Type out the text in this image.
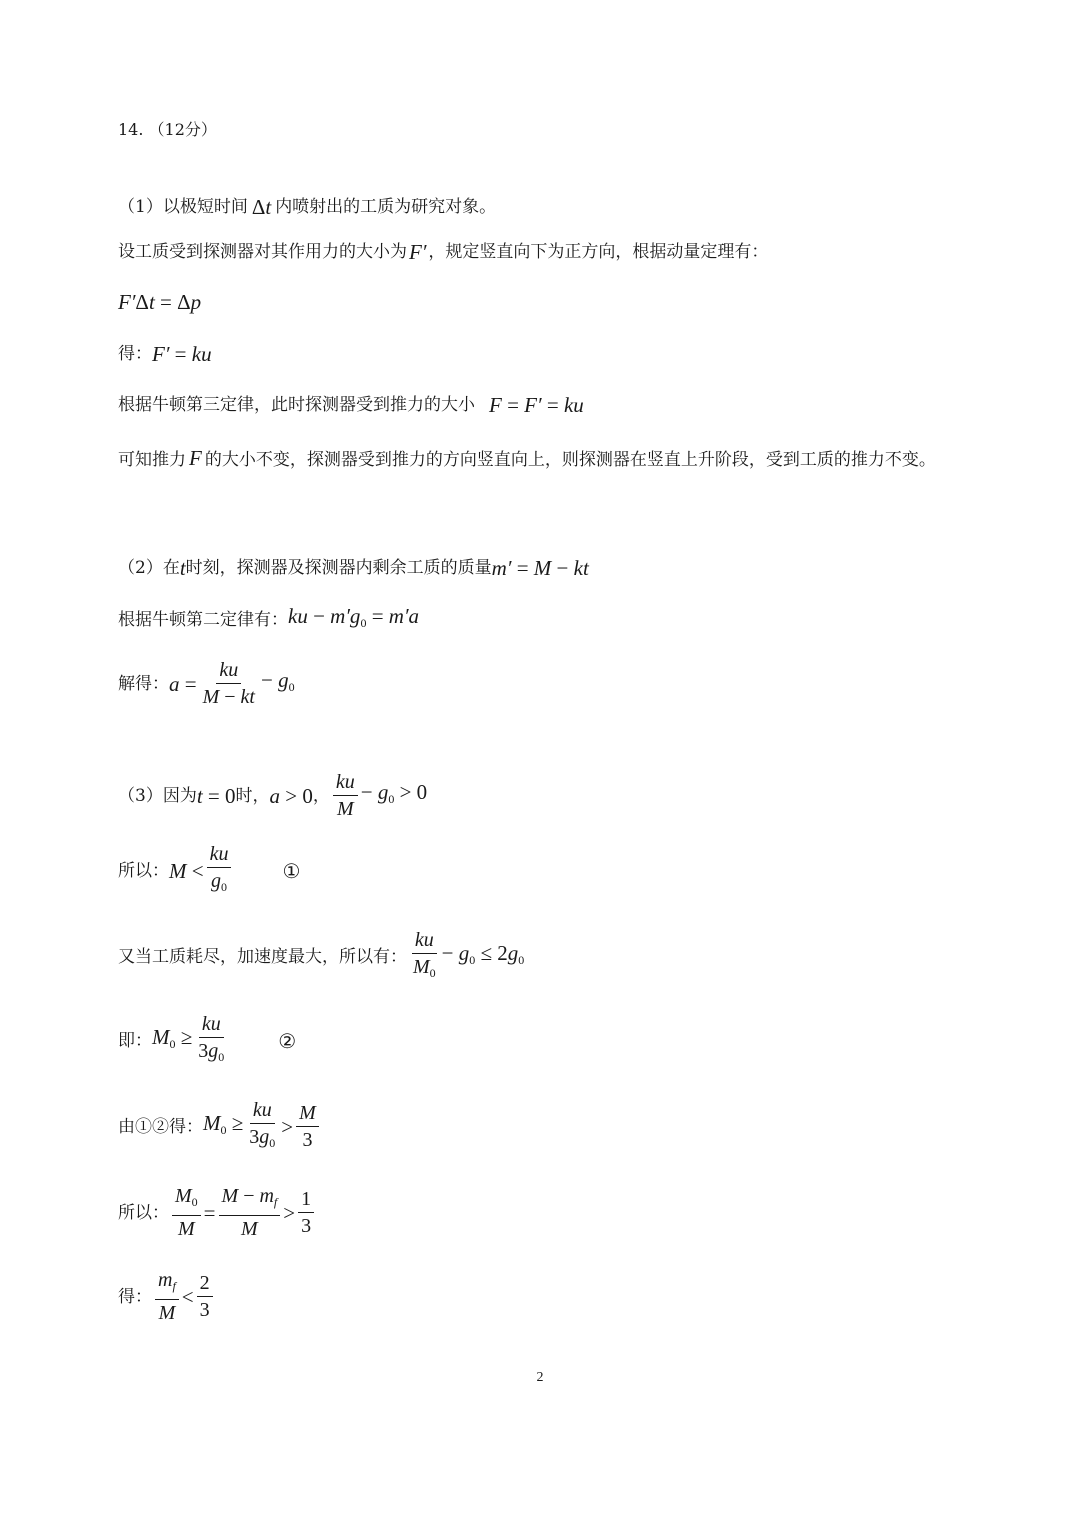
14. （12分）
（1）以极短时间 Δt 内喷射出的工质为研究对象。
设工质受到探测器对其作用力的大小为 F′ ，规定竖直向下为正方向，根据动量定理有：
F′Δt = Δp
得： F′ = ku
根据牛顿第三定律，此时探测器受到推力的大小 F = F′ = ku
可知推力 F 的大小不变，探测器受到推力的方向竖直向上，则探测器在竖直上升阶段，受到工质的推力不变。
（2）在 t 时刻，探测器及探测器内剩余工质的质量 m′ = M − kt
根据牛顿第二定律有： ku − $m'g_0 = m'a$
解得： $a = \frac{ku}{M - kt} - g_0$
（3）因为 t = 0 时， a > 0 ， $\frac{ku}{M} - g_0 > 0$
所以： $M < \frac{ku}{g_0}$	①
又当工质耗尽，加速度最大，所以有： $\frac{ku}{M_0} - g_0 \le 2g_0$
即： $M_0 \ge \frac{ku}{3g_0}$	②
由①②得： $M_0 \ge \frac{ku}{3g_0} > \frac{M}{3}$
所以： $\frac{M_0}{M} = \frac{M - m_f}{M} > \frac{1}{3}$
得： $\frac{m_f}{M} < \frac{2}{3}$
2
